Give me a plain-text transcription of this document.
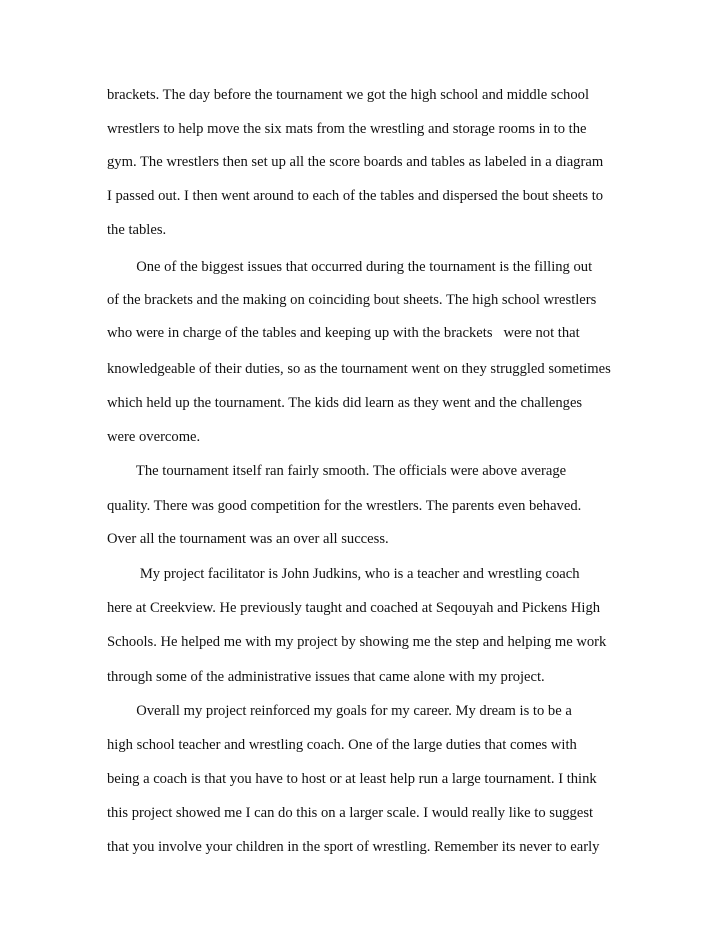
brackets. The day before the tournament we got the high school and middle school
wrestlers to help move the six mats from the wrestling and storage rooms in to the
gym. The wrestlers then set up all the score boards and tables as labeled in a diagram
I passed out. I then went around to each of the tables and dispersed the bout sheets to
the tables.
One of the biggest issues that occurred during the tournament is the filling out
of the brackets and the making on coinciding bout sheets. The high school wrestlers
who were in charge of the tables and keeping up with the brackets   were not that
knowledgeable of their duties, so as the tournament went on they struggled sometimes
which held up the tournament. The kids did learn as they went and the challenges
were overcome.
The tournament itself ran fairly smooth. The officials were above average
quality. There was good competition for the wrestlers. The parents even behaved.
Over all the tournament was an over all success.
My project facilitator is John Judkins, who is a teacher and wrestling coach
here at Creekview. He previously taught and coached at Seqouyah and Pickens High
Schools. He helped me with my project by showing me the step and helping me work
through some of the administrative issues that came alone with my project.
Overall my project reinforced my goals for my career. My dream is to be a
high school teacher and wrestling coach. One of the large duties that comes with
being a coach is that you have to host or at least help run a large tournament. I think
this project showed me I can do this on a larger scale. I would really like to suggest
that you involve your children in the sport of wrestling. Remember its never to early
